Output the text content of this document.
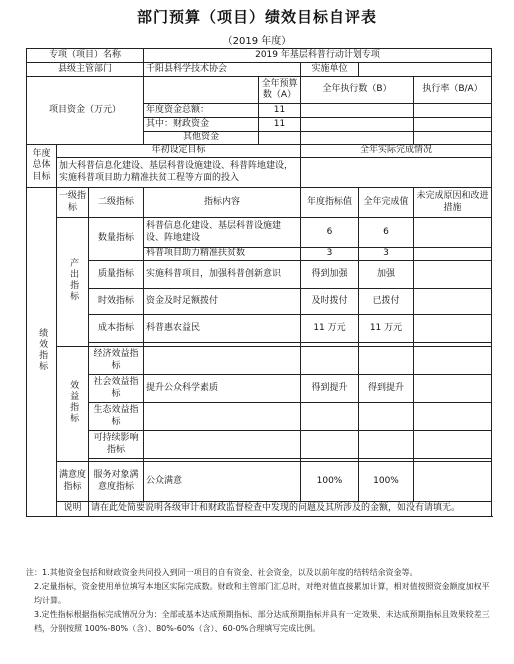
部门预算（项目）绩效目标自评表
（2019 年度）
专项（项目）名称			2019 年基层科普行动计划专项				
县级主管部门			千阳县科学技术协会		实施单位		
项目资金（万元）				全年预算数（A）	全年执行数（B）		执行率（B/A）
			年度资金总额：	11			
			其中：财政资金	11			
			其他资金				
年度总体目标	年初设定目标				全年实际完成情况		
	加大科普信息化建设、基层科普设施建设、科普阵地建设，实施科普项目助力精准扶贫工程等方面的投入						
绩效指标	一级指标	二级指标	指标内容		年度指标值	全年完成值	未完成原因和改进措施
	产出指标	数量指标	科普信息化建设、基层科普设施建设、阵地建设		6	6	
			科普项目助力精准扶贫数		3	3	
		质量指标	实施科普项目，加强科普创新意识		得到加强	加强	
		时效指标	资金及时足额拨付		及时拨付	已拨付	
		成本指标	科普惠农益民		11 万元	11 万元	

	效益指标	经济效益指标					
		社会效益指标	提升公众科学素质		得到提升	得到提升	
		生态效益指标					
		可持续影响指标					

	满意度指标	服务对象满意度指标	公众满意		100%	100%	
	说明	请在此处简要说明各级审计和财政监督检查中发现的问题及其所涉及的金额，如没有请填无。					
注：1.其他资金包括和财政资金共同投入到同一项目的自有资金、社会资金，以及以前年度的结转结余资金等。
2.定量指标，资金使用单位填写本地区实际完成数。财政和主管部门汇总时，对绝对值直接累加计算，相对值按照资金额度加权平均计算。
3.定性指标根据指标完成情况分为：全部或基本达成预期指标、部分达成预期指标并具有一定效果、未达成预期指标且效果较差三档，分别按照 100%-80%（含）、80%-60%（含）、60-0%合理填写完成比例。
